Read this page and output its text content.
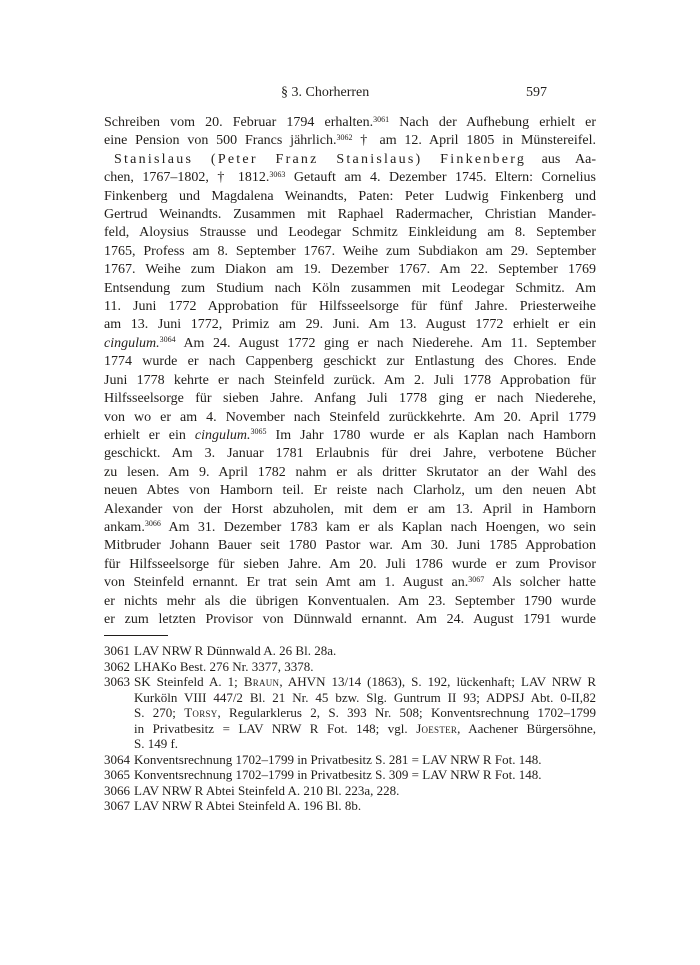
§ 3. Chorherren	597
Schreiben vom 20. Februar 1794 erhalten.$^{3061}$ Nach der Aufhebung erhielt er
eine Pension von 500 Francs jährlich.$^{3062}$ † am 12. April 1805 in Münstereifel.
Stanislaus (Peter Franz Stanislaus) Finkenberg aus Aa-
chen, 1767–1802, † 1812.$^{3063}$ Getauft am 4. Dezember 1745. Eltern: Cornelius
Finkenberg und Magdalena Weinandts, Paten: Peter Ludwig Finkenberg und
Gertrud Weinandts. Zusammen mit Raphael Radermacher, Christian Mander-
feld, Aloysius Strausse und Leodegar Schmitz Einkleidung am 8. September
1765, Profess am 8. September 1767. Weihe zum Subdiakon am 29. September
1767. Weihe zum Diakon am 19. Dezember 1767. Am 22. September 1769
Entsendung zum Studium nach Köln zusammen mit Leodegar Schmitz. Am
11. Juni 1772 Approbation für Hilfsseelsorge für fünf Jahre. Priesterweihe
am 13. Juni 1772, Primiz am 29. Juni. Am 13. August 1772 erhielt er ein
cingulum.$^{3064}$ Am 24. August 1772 ging er nach Niederehe. Am 11. September
1774 wurde er nach Cappenberg geschickt zur Entlastung des Chores. Ende
Juni 1778 kehrte er nach Steinfeld zurück. Am 2. Juli 1778 Approbation für
Hilfsseelsorge für sieben Jahre. Anfang Juli 1778 ging er nach Niederehe,
von wo er am 4. November nach Steinfeld zurückkehrte. Am 20. April 1779
erhielt er ein cingulum.$^{3065}$ Im Jahr 1780 wurde er als Kaplan nach Hamborn
geschickt. Am 3. Januar 1781 Erlaubnis für drei Jahre, verbotene Bücher
zu lesen. Am 9. April 1782 nahm er als dritter Skrutator an der Wahl des
neuen Abtes von Hamborn teil. Er reiste nach Clarholz, um den neuen Abt
Alexander von der Horst abzuholen, mit dem er am 13. April in Hamborn
ankam.$^{3066}$ Am 31. Dezember 1783 kam er als Kaplan nach Hoengen, wo sein
Mitbruder Johann Bauer seit 1780 Pastor war. Am 30. Juni 1785 Approbation
für Hilfsseelsorge für sieben Jahre. Am 20. Juli 1786 wurde er zum Provisor
von Steinfeld ernannt. Er trat sein Amt am 1. August an.$^{3067}$ Als solcher hatte
er nichts mehr als die übrigen Konventualen. Am 23. September 1790 wurde
er zum letzten Provisor von Dünnwald ernannt. Am 24. August 1791 wurde
3061 LAV NRW R Dünnwald A. 26 Bl. 28a.
3062 LHAKo Best. 276 Nr. 3377, 3378.
3063 SK Steinfeld A. 1; Braun, AHVN 13/14 (1863), S. 192, lückenhaft; LAV NRW R
Kurköln VIII 447/2 Bl. 21 Nr. 45 bzw. Slg. Guntrum II 93; ADPSJ Abt. 0-II,82
S. 270; Torsy, Regularklerus 2, S. 393 Nr. 508; Konventsrechnung 1702–1799
in Privatbesitz = LAV NRW R Fot. 148; vgl. Joester, Aachener Bürgersöhne,
S. 149 f.
3064 Konventsrechnung 1702–1799 in Privatbesitz S. 281 = LAV NRW R Fot. 148.
3065 Konventsrechnung 1702–1799 in Privatbesitz S. 309 = LAV NRW R Fot. 148.
3066 LAV NRW R Abtei Steinfeld A. 210 Bl. 223a, 228.
3067 LAV NRW R Abtei Steinfeld A. 196 Bl. 8b.
